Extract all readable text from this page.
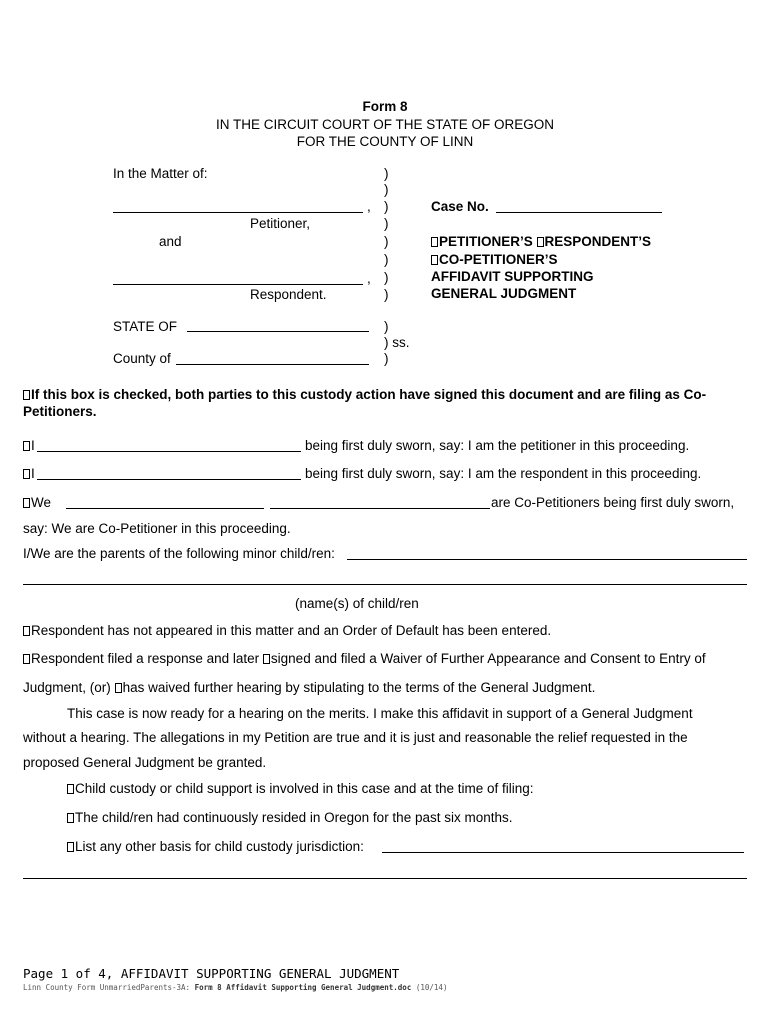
Form 8
IN THE CIRCUIT COURT OF THE STATE OF OREGON
FOR THE COUNTY OF LINN
In the Matter of:
,
Petitioner,
and
,
Respondent.
)
)
)
)
)
)
)
)
Case No.
PETITIONER’S RESPONDENT’S
CO-PETITIONER’S
AFFIDAVIT SUPPORTING
GENERAL JUDGMENT
STATE OF
County of
)
) ss.
)
If this box is checked, both parties to this custody action have signed this document and are filing as Co-
Petitioners.
I	being first duly sworn, say: I am the petitioner in this proceeding.
I	being first duly sworn, say: I am the respondent in this proceeding.
We	are Co-Petitioners being first duly sworn,
say: We are Co-Petitioner in this proceeding.
I/We are the parents of the following minor child/ren:
(name(s) of child/ren
Respondent has not appeared in this matter and an Order of Default has been entered.
Respondent filed a response and later signed and filed a Waiver of Further Appearance and Consent to Entry of
Judgment, (or) has waived further hearing by stipulating to the terms of the General Judgment.
This case is now ready for a hearing on the merits. I make this affidavit in support of a General Judgment
without a hearing. The allegations in my Petition are true and it is just and reasonable the relief requested in the
proposed General Judgment be granted.
Child custody or child support is involved in this case and at the time of filing:
The child/ren had continuously resided in Oregon for the past six months.
List any other basis for child custody jurisdiction:
Page 1 of 4, AFFIDAVIT SUPPORTING GENERAL JUDGMENT
Linn County Form UnmarriedParents-3A: Form 8 Affidavit Supporting General Judgment.doc (10/14)
